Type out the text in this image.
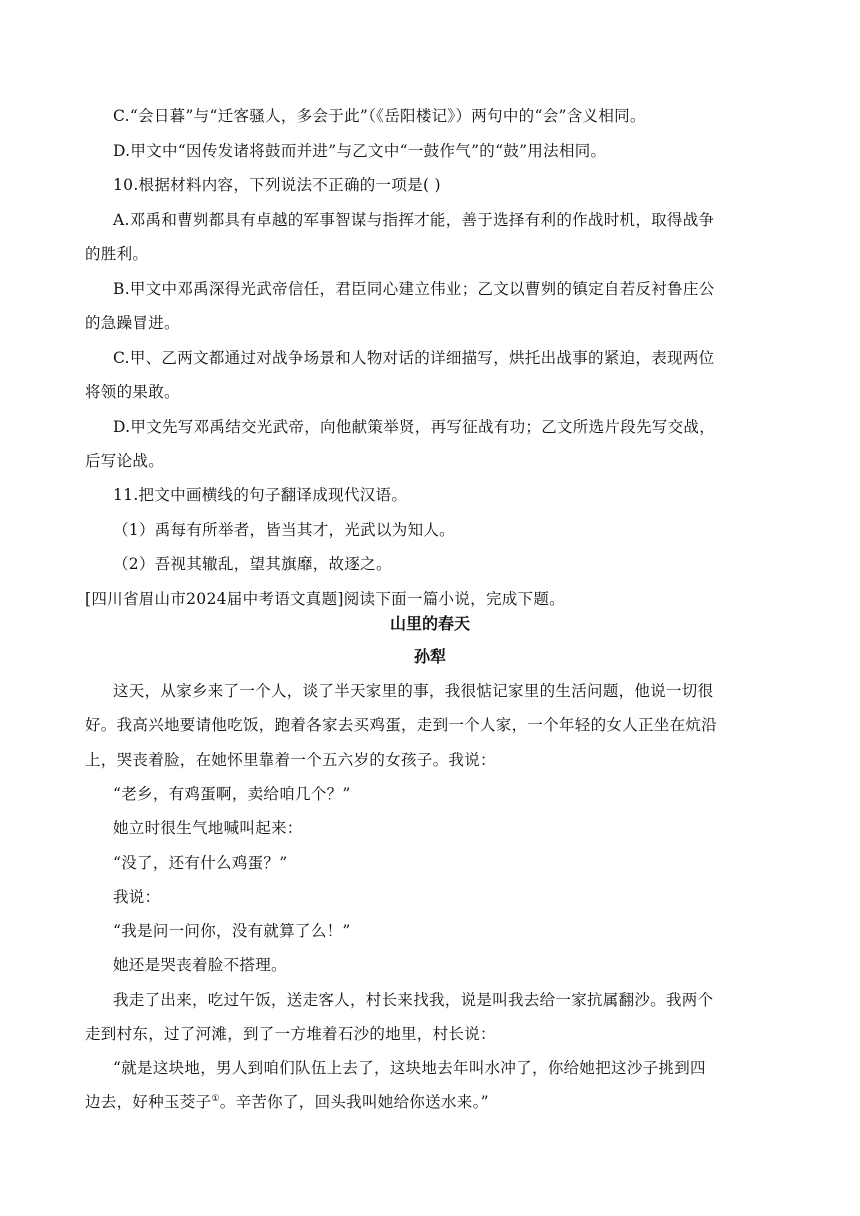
C.“会日暮”与“迁客骚人，多会于此”（《岳阳楼记》）两句中的“会”含义相同。
D.甲文中“因传发诸将鼓而并进”与乙文中“一鼓作气”的“鼓”用法相同。
10.根据材料内容，下列说法不正确的一项是( )
A.邓禹和曹刿都具有卓越的军事智谋与指挥才能，善于选择有利的作战时机，取得战争
的胜利。
B.甲文中邓禹深得光武帝信任，君臣同心建立伟业；乙文以曹刿的镇定自若反衬鲁庄公
的急躁冒进。
C.甲、乙两文都通过对战争场景和人物对话的详细描写，烘托出战事的紧迫，表现两位
将领的果敢。
D.甲文先写邓禹结交光武帝，向他献策举贤，再写征战有功；乙文所选片段先写交战，
后写论战。
11.把文中画横线的句子翻译成现代汉语。
（1）禹每有所举者，皆当其才，光武以为知人。
（2）吾视其辙乱，望其旗靡，故逐之。
[四川省眉山市2024届中考语文真题]阅读下面一篇小说，完成下题。
山里的春天
孙犁
这天，从家乡来了一个人，谈了半天家里的事，我很惦记家里的生活问题，他说一切很
好。我高兴地要请他吃饭，跑着各家去买鸡蛋，走到一个人家，一个年轻的女人正坐在炕沿
上，哭丧着脸，在她怀里靠着一个五六岁的女孩子。我说：
“老乡，有鸡蛋啊，卖给咱几个？”
她立时很生气地喊叫起来：
“没了，还有什么鸡蛋？”
我说：
“我是问一问你，没有就算了么！”
她还是哭丧着脸不搭理。
我走了出来，吃过午饭，送走客人，村长来找我，说是叫我去给一家抗属翻沙。我两个
走到村东，过了河滩，到了一方堆着石沙的地里，村长说：
“就是这块地，男人到咱们队伍上去了，这块地去年叫水冲了，你给她把这沙子挑到四
边去，好种玉茭子①。辛苦你了，回头我叫她给你送水来。”
